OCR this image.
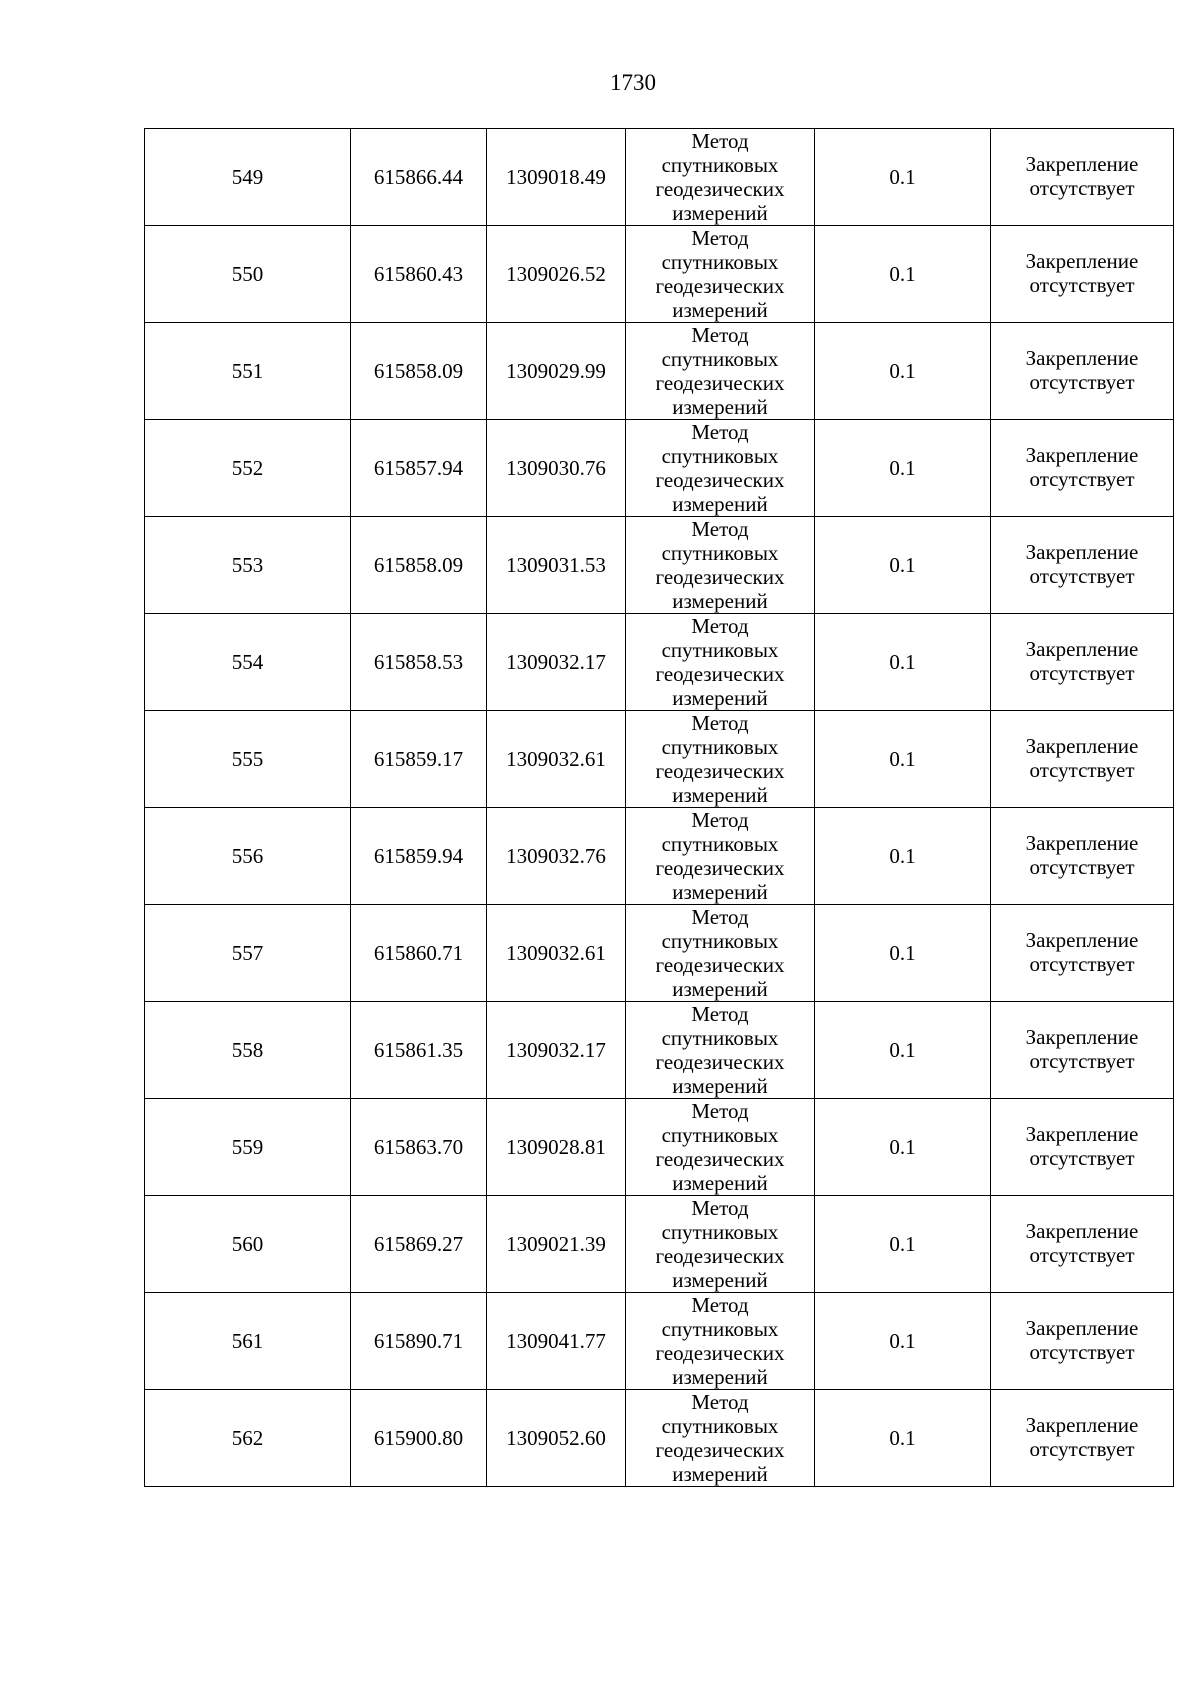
1730
549	615866.44	1309018.49	Метод спутниковых геодезических измерений	0.1	Закрепление отсутствует

550	615860.43	1309026.52	Метод спутниковых геодезических измерений	0.1	Закрепление отсутствует

551	615858.09	1309029.99	Метод спутниковых геодезических измерений	0.1	Закрепление отсутствует

552	615857.94	1309030.76	Метод спутниковых геодезических измерений	0.1	Закрепление отсутствует

553	615858.09	1309031.53	Метод спутниковых геодезических измерений	0.1	Закрепление отсутствует

554	615858.53	1309032.17	Метод спутниковых геодезических измерений	0.1	Закрепление отсутствует

555	615859.17	1309032.61	Метод спутниковых геодезических измерений	0.1	Закрепление отсутствует

556	615859.94	1309032.76	Метод спутниковых геодезических измерений	0.1	Закрепление отсутствует

557	615860.71	1309032.61	Метод спутниковых геодезических измерений	0.1	Закрепление отсутствует

558	615861.35	1309032.17	Метод спутниковых геодезических измерений	0.1	Закрепление отсутствует

559	615863.70	1309028.81	Метод спутниковых геодезических измерений	0.1	Закрепление отсутствует

560	615869.27	1309021.39	Метод спутниковых геодезических измерений	0.1	Закрепление отсутствует

561	615890.71	1309041.77	Метод спутниковых геодезических измерений	0.1	Закрепление отсутствует

562	615900.80	1309052.60	Метод спутниковых геодезических измерений	0.1	Закрепление отсутствует
